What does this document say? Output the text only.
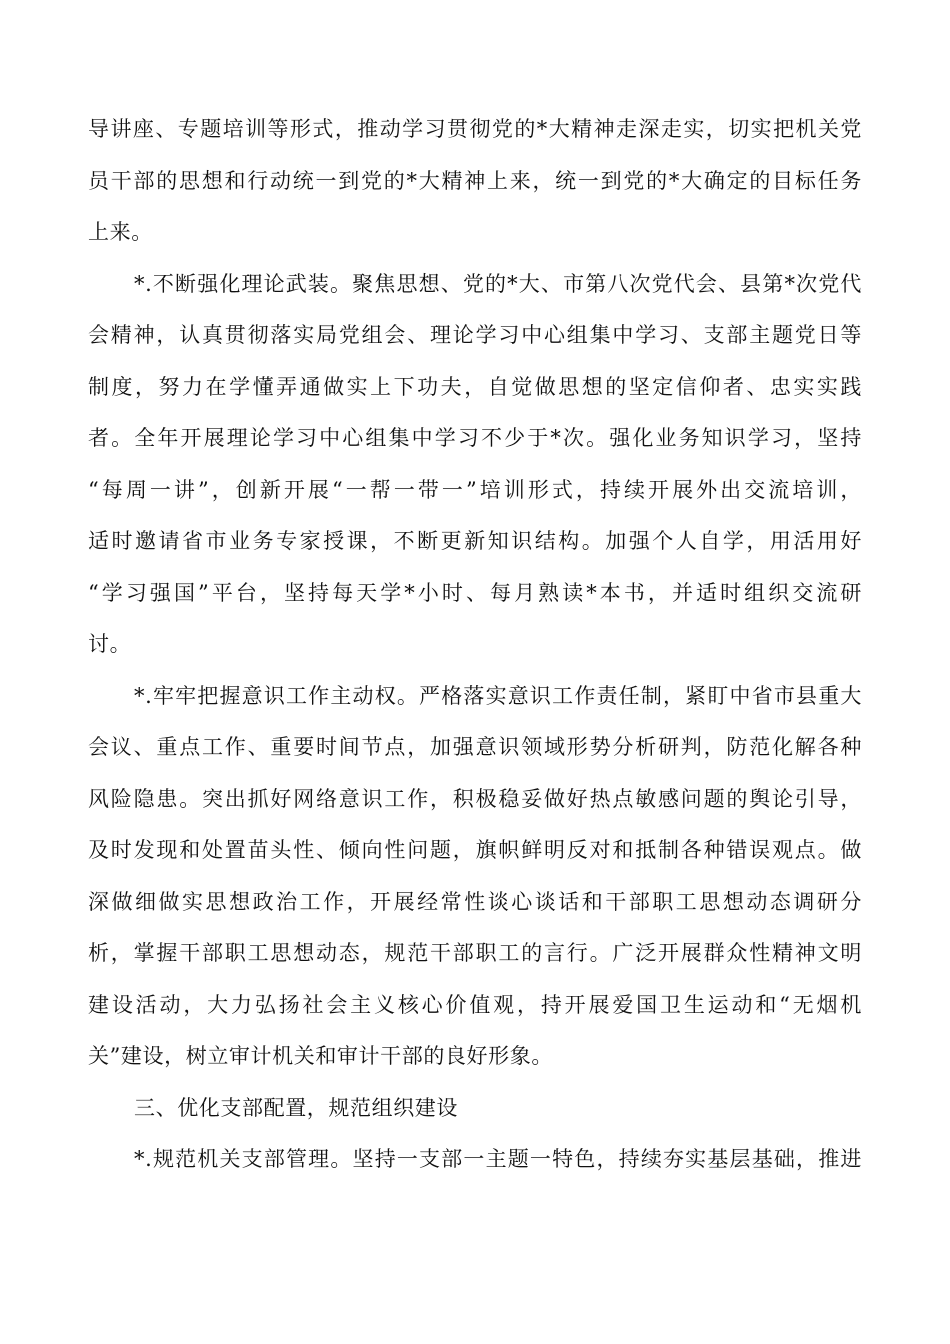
导讲座、专题培训等形式，推动学习贯彻党的*大精神走深走实，切实把机关党
员干部的思想和行动统一到党的*大精神上来，统一到党的*大确定的目标任务
上来。
*.不断强化理论武装。聚焦思想、党的*大、市第八次党代会、县第*次党代
会精神，认真贯彻落实局党组会、理论学习中心组集中学习、支部主题党日等
制度，努力在学懂弄通做实上下功夫，自觉做思想的坚定信仰者、忠实实践
者。全年开展理论学习中心组集中学习不少于*次。强化业务知识学习，坚持
“每周一讲”，创新开展“一帮一带一”培训形式，持续开展外出交流培训，
适时邀请省市业务专家授课，不断更新知识结构。加强个人自学，用活用好
“学习强国”平台，坚持每天学*小时、每月熟读*本书，并适时组织交流研
讨。
*.牢牢把握意识工作主动权。严格落实意识工作责任制，紧盯中省市县重大
会议、重点工作、重要时间节点，加强意识领域形势分析研判，防范化解各种
风险隐患。突出抓好网络意识工作，积极稳妥做好热点敏感问题的舆论引导，
及时发现和处置苗头性、倾向性问题，旗帜鲜明反对和抵制各种错误观点。做
深做细做实思想政治工作，开展经常性谈心谈话和干部职工思想动态调研分
析，掌握干部职工思想动态，规范干部职工的言行。广泛开展群众性精神文明
建设活动，大力弘扬社会主义核心价值观，持开展爱国卫生运动和“无烟机
关”建设，树立审计机关和审计干部的良好形象。
三、优化支部配置，规范组织建设
*.规范机关支部管理。坚持一支部一主题一特色，持续夯实基层基础，推进
